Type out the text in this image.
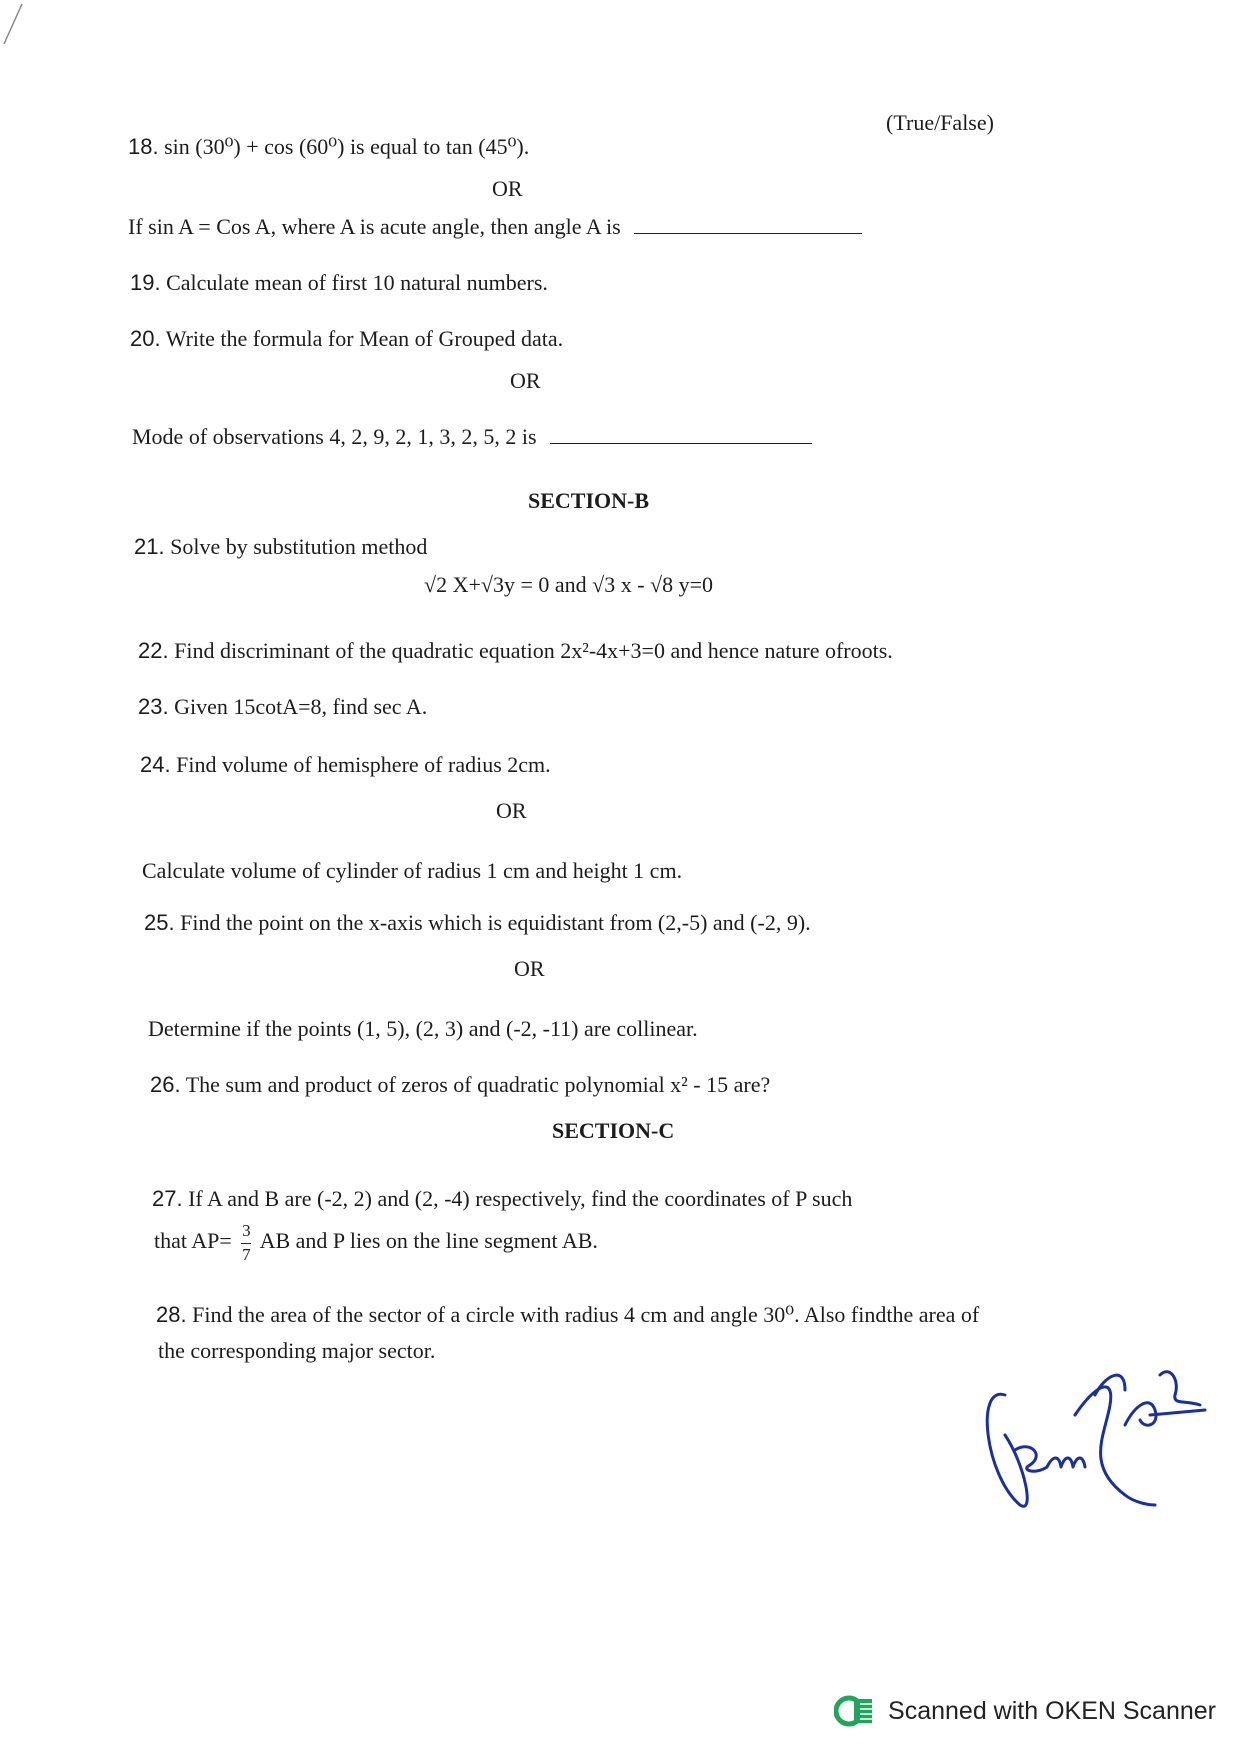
(True/False)
18. sin (30⁰) + cos (60⁰) is equal to tan (45⁰).
OR
If sin A = Cos A, where A is acute angle, then angle A is
19. Calculate mean of first 10 natural numbers.
20. Write the formula for Mean of Grouped data.
OR
Mode of observations 4, 2, 9, 2, 1, 3, 2, 5, 2 is
SECTION-B
21. Solve by substitution method
√2 X+√3y = 0 and √3 x - √8 y=0
22. Find discriminant of the quadratic equation 2x²-4x+3=0 and hence nature ofroots.
23. Given 15cotA=8, find sec A.
24. Find volume of hemisphere of radius 2cm.
OR
Calculate volume of cylinder of radius 1 cm and height 1 cm.
25. Find the point on the x-axis which is equidistant from (2,-5) and (-2, 9).
OR
Determine if the points (1, 5), (2, 3) and (-2, -11) are collinear.
26. The sum and product of zeros of quadratic polynomial x² - 15 are?
SECTION-C
27. If A and B are (-2, 2) and (2, -4) respectively, find the coordinates of P such
that $AP= \frac{3}{7}$ AB and P lies on the line segment AB.
28. Find the area of the sector of a circle with radius 4 cm and angle 30⁰. Also findthe area of
the corresponding major sector.
Scanned with OKEN Scanner
